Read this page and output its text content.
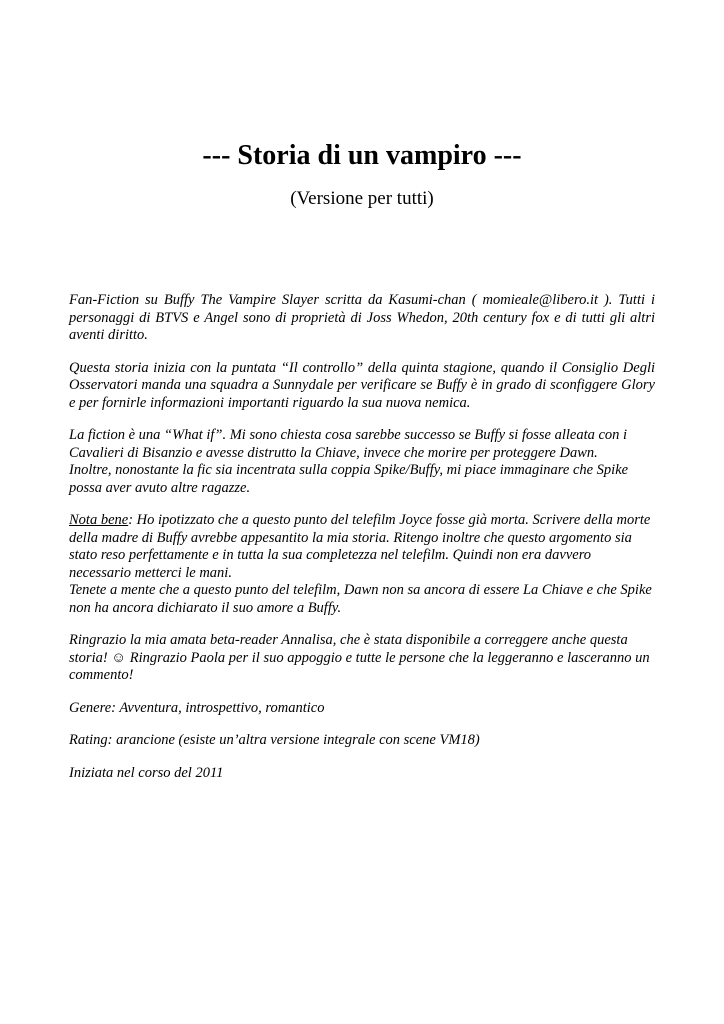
--- Storia di un vampiro ---
(Versione per tutti)

Fan-Fiction su Buffy The Vampire Slayer scritta da Kasumi-chan ( momieale@libero.it ). Tutti i personaggi di BTVS e Angel sono di proprietà di Joss Whedon, 20th century fox e di tutti gli altri aventi diritto.

Questa storia inizia con la puntata “Il controllo” della quinta stagione, quando il Consiglio Degli Osservatori manda una squadra a Sunnydale per verificare se Buffy è in grado di sconfiggere Glory e per fornirle informazioni importanti riguardo la sua nuova nemica.

La fiction è una “What if”. Mi sono chiesta cosa sarebbe successo se Buffy si fosse alleata con i Cavalieri di Bisanzio e avesse distrutto la Chiave, invece che morire per proteggere Dawn.
Inoltre, nonostante la fic sia incentrata sulla coppia Spike/Buffy, mi piace immaginare che Spike possa aver avuto altre ragazze.

Nota bene: Ho ipotizzato che a questo punto del telefilm Joyce fosse già morta. Scrivere della morte della madre di Buffy avrebbe appesantito la mia storia. Ritengo inoltre che questo argomento sia stato reso perfettamente e in tutta la sua completezza nel telefilm. Quindi non era davvero necessario metterci le mani.
Tenete a mente che a questo punto del telefilm, Dawn non sa ancora di essere La Chiave e che Spike non ha ancora dichiarato il suo amore a Buffy.

Ringrazio la mia amata beta-reader Annalisa, che è stata disponibile a correggere anche questa storia! ☺ Ringrazio Paola per il suo appoggio e tutte le persone che la leggeranno e lasceranno un commento!

Genere: Avventura, introspettivo, romantico

Rating: arancione (esiste un’altra versione integrale con scene VM18)

Iniziata nel corso del 2011
